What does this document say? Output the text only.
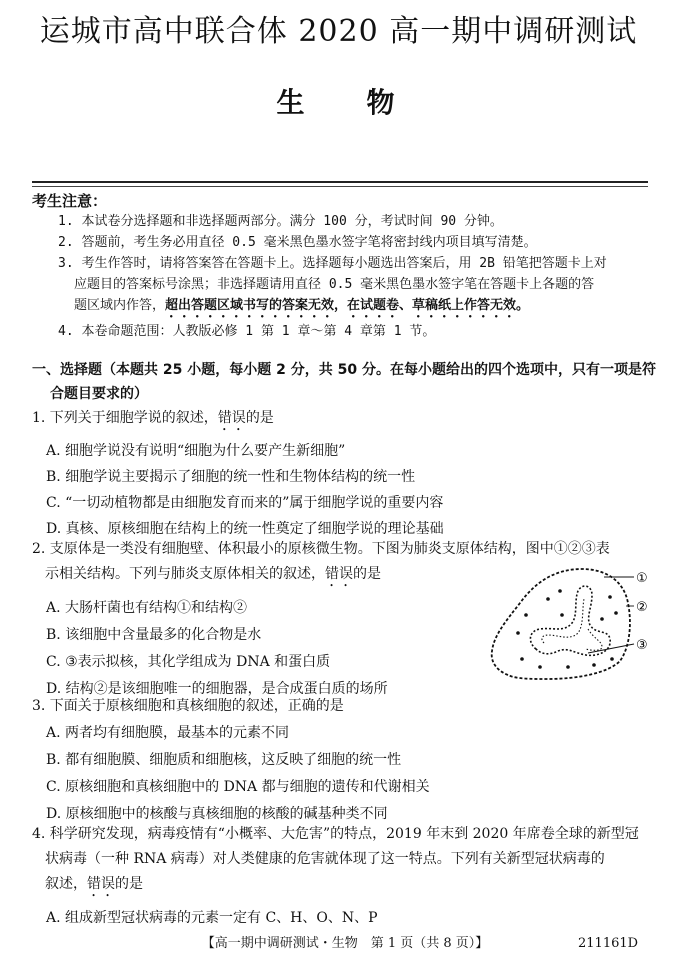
运城市高中联合体 2020 高一期中调研测试
生 物
考生注意：
1. 本试卷分选择题和非选择题两部分。满分 100 分，考试时间 90 分钟。
2. 答题前，考生务必用直径 0.5 毫米黑色墨水签字笔将密封线内项目填写清楚。
3. 考生作答时，请将答案答在答题卡上。选择题每小题选出答案后，用 2B 铅笔把答题卡上对
应题目的答案标号涂黑；非选择题请用直径 0.5 毫米黑色墨水签字笔在答题卡上各题的答
题区域内作答，超出答题区域书写的答案无效，在试题卷、草稿纸上作答无效。
4. 本卷命题范围：人教版必修 1 第 1 章～第 4 章第 1 节。
一、选择题（本题共 25 小题，每小题 2 分，共 50 分。在每小题给出的四个选项中，只有一项是符
合题目要求的）
1. 下列关于细胞学说的叙述，错误的是
A. 细胞学说没有说明“细胞为什么要产生新细胞”
B. 细胞学说主要揭示了细胞的统一性和生物体结构的统一性
C. “一切动植物都是由细胞发育而来的”属于细胞学说的重要内容
D. 真核、原核细胞在结构上的统一性奠定了细胞学说的理论基础
2. 支原体是一类没有细胞壁、体积最小的原核微生物。下图为肺炎支原体结构，图中①②③表
示相关结构。下列与肺炎支原体相关的叙述，错误的是
A. 大肠杆菌也有结构①和结构②
B. 该细胞中含量最多的化合物是水
C. ③表示拟核，其化学组成为 DNA 和蛋白质
D. 结构②是该细胞唯一的细胞器，是合成蛋白质的场所
①
②
③
3. 下面关于原核细胞和真核细胞的叙述，正确的是
A. 两者均有细胞膜，最基本的元素不同
B. 都有细胞膜、细胞质和细胞核，这反映了细胞的统一性
C. 原核细胞和真核细胞中的 DNA 都与细胞的遗传和代谢相关
D. 原核细胞中的核酸与真核细胞的核酸的碱基种类不同
4. 科学研究发现，病毒疫情有“小概率、大危害”的特点，2019 年末到 2020 年席卷全球的新型冠
状病毒（一种 RNA 病毒）对人类健康的危害就体现了这一特点。下列有关新型冠状病毒的
叙述，错误的是
A. 组成新型冠状病毒的元素一定有 C、H、O、N、P
【高一期中调研测试・生物　第 1 页（共 8 页）】	211161D
